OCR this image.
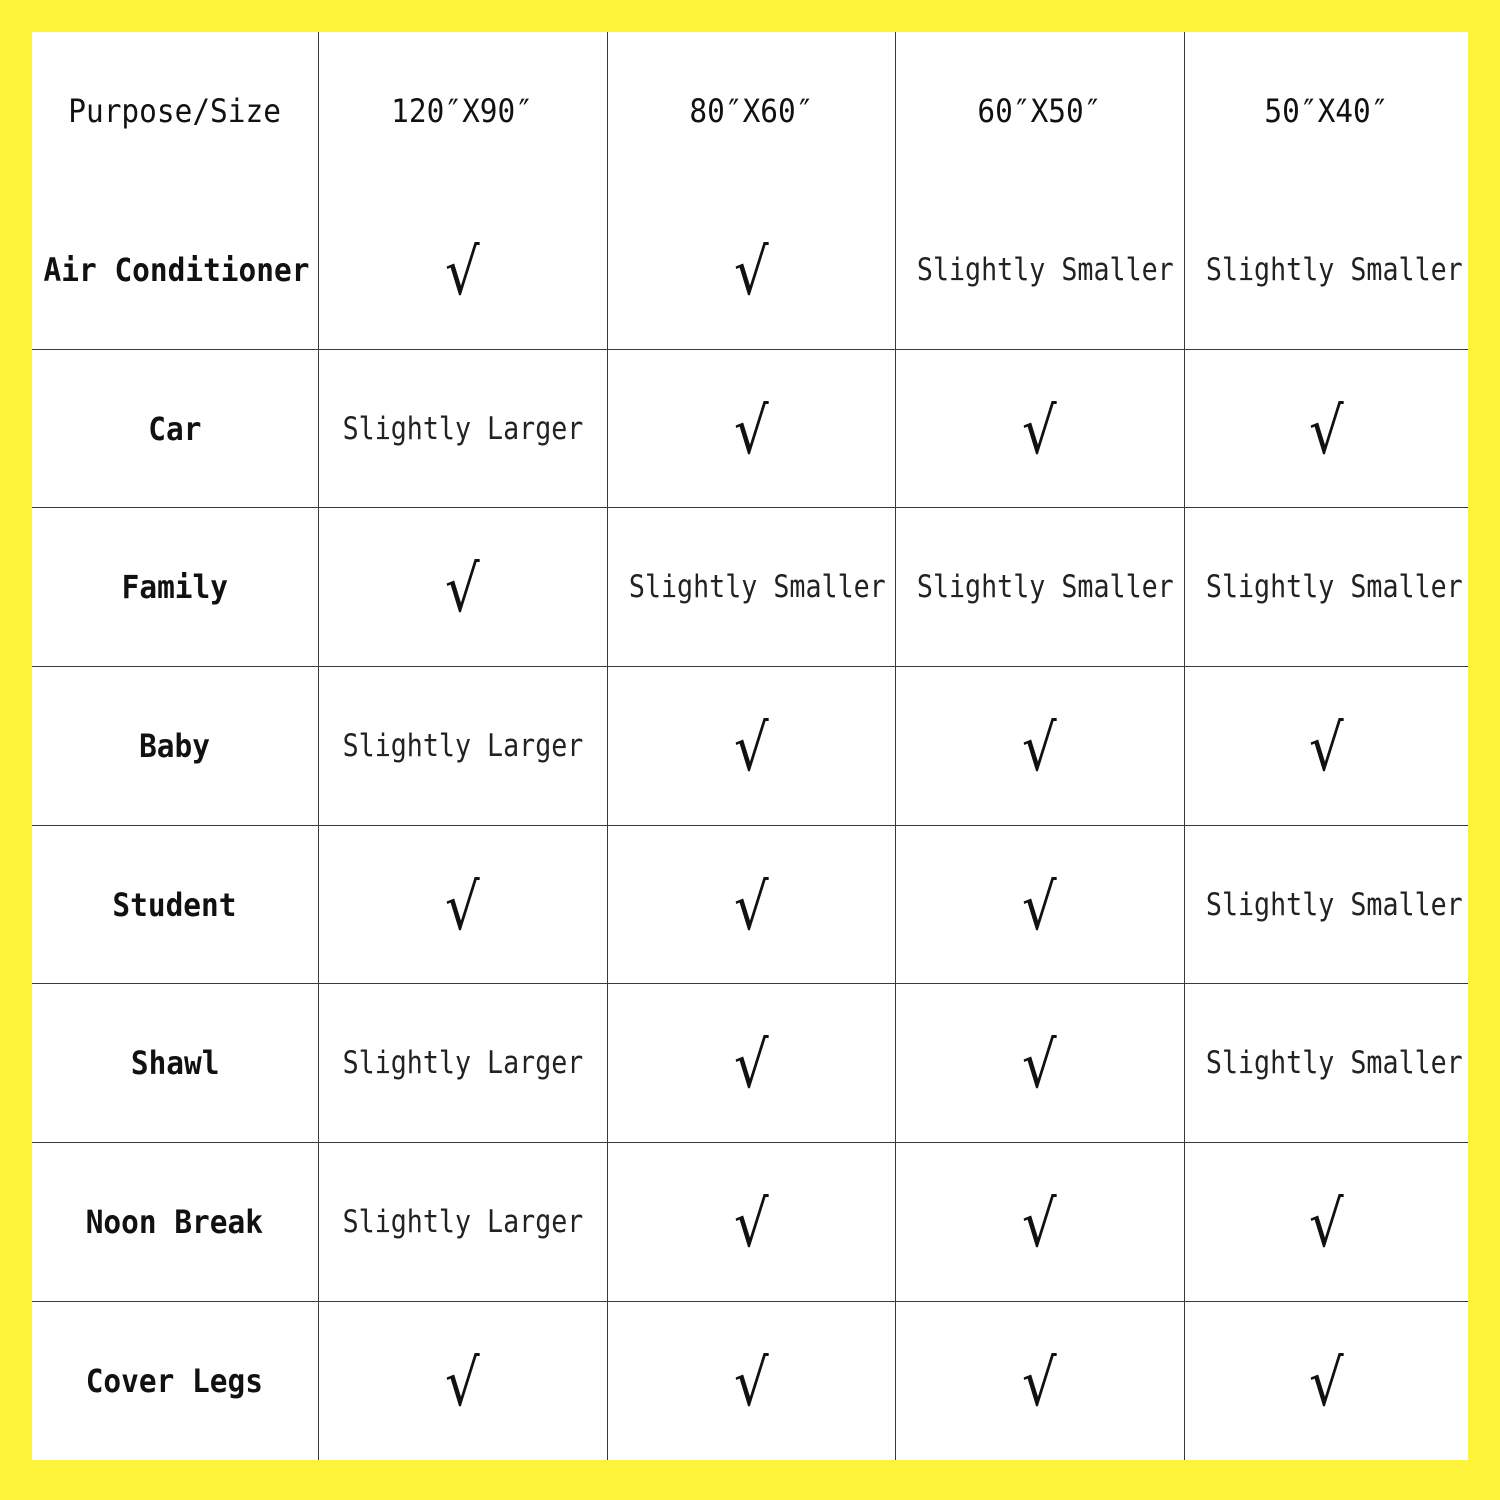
Purpose/Size	120″X90″	80″X60″	60″X50″	50″X40″
Air Conditioner	√	√	Slightly Smaller	Slightly Smaller
Car	Slightly Larger	√	√	√
Family	√	Slightly Smaller	Slightly Smaller	Slightly Smaller
Baby	Slightly Larger	√	√	√
Student	√	√	√	Slightly Smaller
Shawl	Slightly Larger	√	√	Slightly Smaller
Noon Break	Slightly Larger	√	√	√
Cover Legs	√	√	√	√
